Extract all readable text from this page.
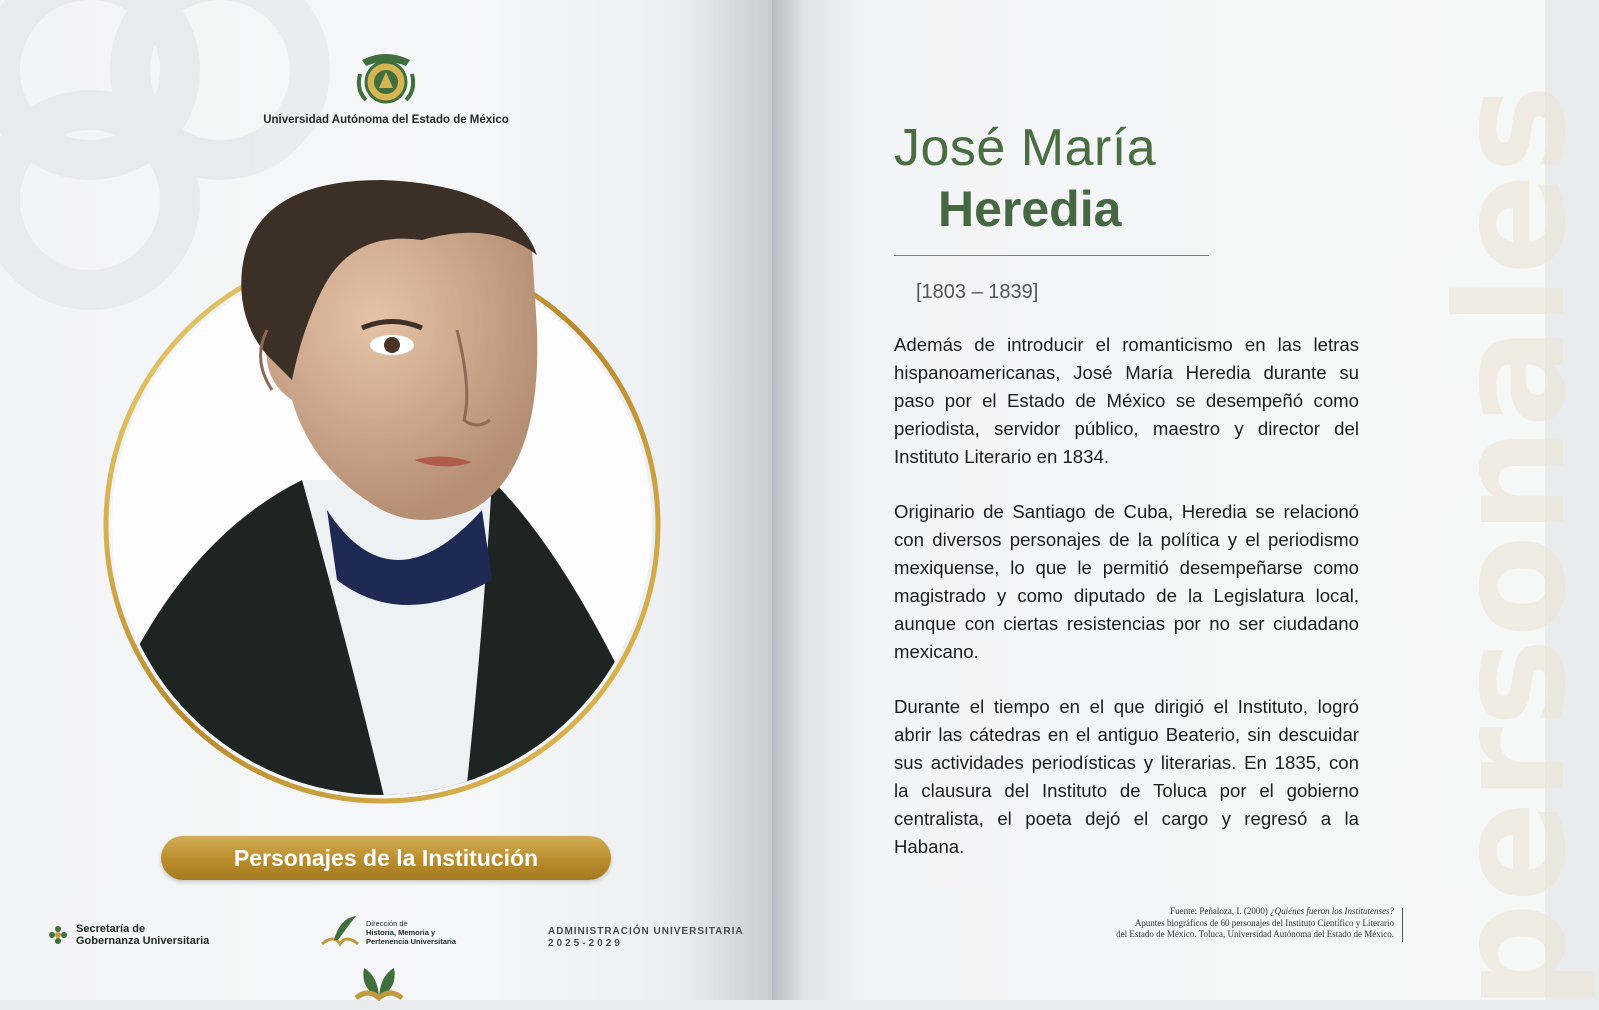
Universidad Autónoma del Estado de México
Personajes de la Institución
Secretaría de
Gobernanza Universitaria
Dirección de
Historia, Memoria y
Pertenencia Universitaria
ADMINISTRACIÓN UNIVERSITARIA
2025-2029	personales
José María
Heredia
[1803 – 1839]

Además de introducir el romanticismo en las letras hispanoamericanas, José María Heredia durante su paso por el Estado de México se desempeñó como periodista, servidor público, maestro y director del Instituto Literario en 1834.

Originario de Santiago de Cuba, Heredia se relacionó con diversos personajes de la política y el periodismo mexiquense, lo que le permitió desempeñarse como magistrado y como diputado de la Legislatura local, aunque con ciertas resistencias por no ser ciudadano mexicano.

Durante el tiempo en el que dirigió el Instituto, logró abrir las cátedras en el antiguo Beaterio, sin descuidar sus actividades periodísticas y literarias. En 1835, con la clausura del Instituto de Toluca por el gobierno centralista, el poeta dejó el cargo y regresó a la Habana.

Fuente: Peñaloza, I. (2000) ¿Quiénes fueron los Institutenses?
Apuntes biográficos de 60 personajes del Instituto Científico y Literario
del Estado de México. Toluca, Universidad Autónoma del Estado de México.
